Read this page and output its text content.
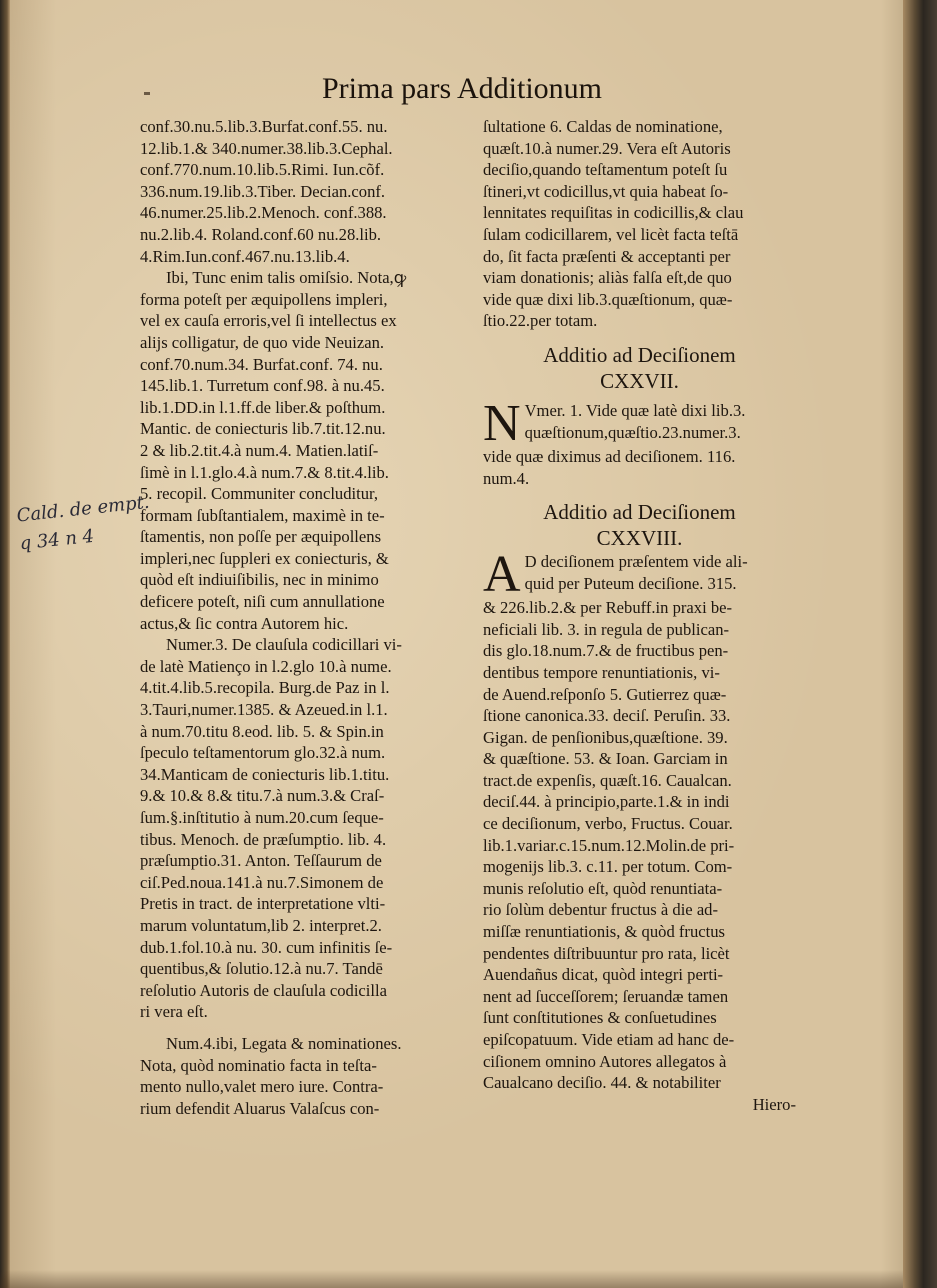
Prima pars Additionum
Cald. de empt.
q 34 n 4
conf.30.nu.5.lib.3.Burfat.conf.55. nu.
12.lib.1.& 340.numer.38.lib.3.Cephal.
conf.770.num.10.lib.5.Rimi. Iun.cõf.
336.num.19.lib.3.Tiber. Decian.conf.
46.numer.25.lib.2.Menoch. conf.388.
nu.2.lib.4. Roland.conf.60 nu.28.lib.
4.Rim.Iun.conf.467.nu.13.lib.4.
Ibi, Tunc enim talis omiſsio. Nota,ꝙ
forma poteſt per æquipollens impleri,
vel ex cauſa erroris,vel ſi intellectus ex
alijs colligatur, de quo vide Neuizan.
conf.70.num.34. Burfat.conf. 74. nu.
145.lib.1. Turretum conf.98. à nu.45.
lib.1.DD.in l.1.ff.de liber.& poſthum.
Mantic. de coniecturis lib.7.tit.12.nu.
2 & lib.2.tit.4.à num.4. Matien.latiſ-
ſimè in l.1.glo.4.à num.7.& 8.tit.4.lib.
5. recopil. Communiter concluditur,
formam ſubſtantialem, maximè in te-
ſtamentis, non poſſe per æquipollens
impleri,nec ſuppleri ex coniecturis, &
quòd eſt indiuiſibilis, nec in minimo
deficere poteſt, niſi cum annullatione
actus,& ſic contra Autorem hic.
Numer.3. De clauſula codicillari vi-
de latè Matienço in l.2.glo 10.à nume.
4.tit.4.lib.5.recopila. Burg.de Paz in l.
3.Tauri,numer.1385. & Azeued.in l.1.
à num.70.titu 8.eod. lib. 5. & Spin.in
ſpeculo teſtamentorum glo.32.à num.
34.Manticam de coniecturis lib.1.titu.
9.& 10.& 8.& titu.7.à num.3.& Craſ-
ſum.§.inſtitutio à num.20.cum ſeque-
tibus. Menoch. de præſumptio. lib. 4.
præſumptio.31. Anton. Teſſaurum de
ciſ.Ped.noua.141.à nu.7.Simonem de
Pretis in tract. de interpretatione vlti-
marum voluntatum,lib 2. interpret.2.
dub.1.fol.10.à nu. 30. cum infinitis ſe-
quentibus,& ſolutio.12.à nu.7. Tandē
reſolutio Autoris de clauſula codicilla
ri vera eſt.
Num.4.ibi, Legata & nominationes.
Nota, quòd nominatio facta in teſta-
mento nullo,valet mero iure. Contra-
rium defendit Aluarus Valaſcus con-
ſultatione 6. Caldas de nominatione,
quæſt.10.à numer.29. Vera eſt Autoris
deciſio,quando teſtamentum poteſt ſu
ſtineri,vt codicillus,vt quia habeat ſo-
lennitates requiſitas in codicillis,& clau
ſulam codicillarem, vel licèt facta teſtā
do, ſit facta præſenti & acceptanti per
viam donationis; aliàs falſa eſt,de quo
vide quæ dixi lib.3.quæſtionum, quæ-
ſtio.22.per totam.
Additio ad Deciſionem
CXXVII.
N Vmer. 1. Vide quæ latè dixi lib.3.
quæſtionum,quæſtio.23.numer.3.
vide quæ diximus ad deciſionem. 116.
num.4.
Additio ad Deciſionem
CXXVIII.
A D deciſionem præſentem vide ali-
quid per Puteum deciſione. 315.
& 226.lib.2.& per Rebuff.in praxi be-
neficiali lib. 3. in regula de publican-
dis glo.18.num.7.& de fructibus pen-
dentibus tempore renuntiationis, vi-
de Auend.reſponſo 5. Gutierrez quæ-
ſtione canonica.33. deciſ. Peruſin. 33.
Gigan. de penſionibus,quæſtione. 39.
& quæſtione. 53. & Ioan. Garciam in
tract.de expenſis, quæſt.16. Caualcan.
deciſ.44. à principio,parte.1.& in indi
ce deciſionum, verbo, Fructus. Couar.
lib.1.variar.c.15.num.12.Molin.de pri-
mogenijs lib.3. c.11. per totum. Com-
munis reſolutio eſt, quòd renuntiata-
rio ſolùm debentur fructus à die ad-
miſſæ renuntiationis, & quòd fructus
pendentes diſtribuuntur pro rata, licèt
Auendañus dicat, quòd integri perti-
nent ad ſucceſſorem; ſeruandæ tamen
ſunt conſtitutiones & conſuetudines
epiſcopatuum. Vide etiam ad hanc de-
ciſionem omnino Autores allegatos à
Caualcano deciſio. 44. & notabiliter
Hiero-
